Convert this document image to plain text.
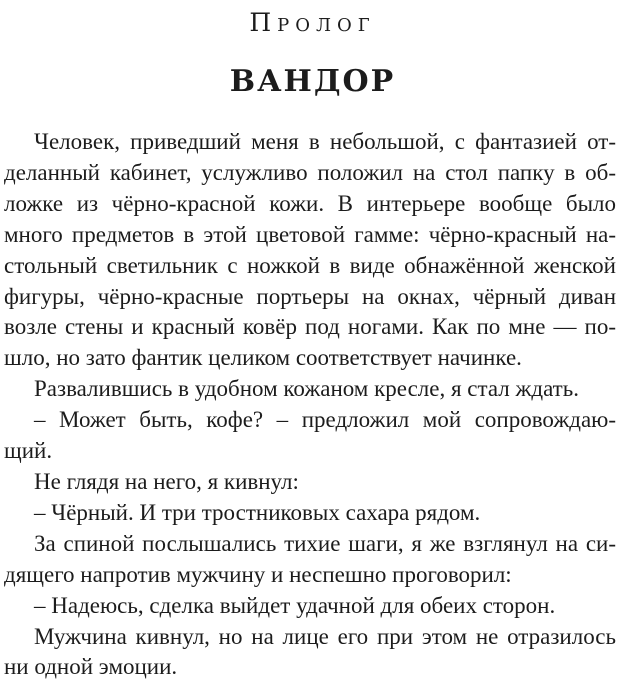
Пролог
ВАНДОР
Человек, приведший меня в небольшой, с фантазией от-
деланный кабинет, услужливо положил на стол папку в об-
ложке из чёрно-красной кожи. В интерьере вообще было
много предметов в этой цветовой гамме: чёрно-красный на-
стольный светильник с ножкой в виде обнажённой женской
фигуры, чёрно-красные портьеры на окнах, чёрный диван
возле стены и красный ковёр под ногами. Как по мне — по-
шло, но зато фантик целиком соответствует начинке.
Развалившись в удобном кожаном кресле, я стал ждать.
– Может быть, кофе? – предложил мой сопровождаю-
щий.
Не глядя на него, я кивнул:
– Чёрный. И три тростниковых сахара рядом.
За спиной послышались тихие шаги, я же взглянул на си-
дящего напротив мужчину и неспешно проговорил:
– Надеюсь, сделка выйдет удачной для обеих сторон.
Мужчина кивнул, но на лице его при этом не отразилось
ни одной эмоции.
